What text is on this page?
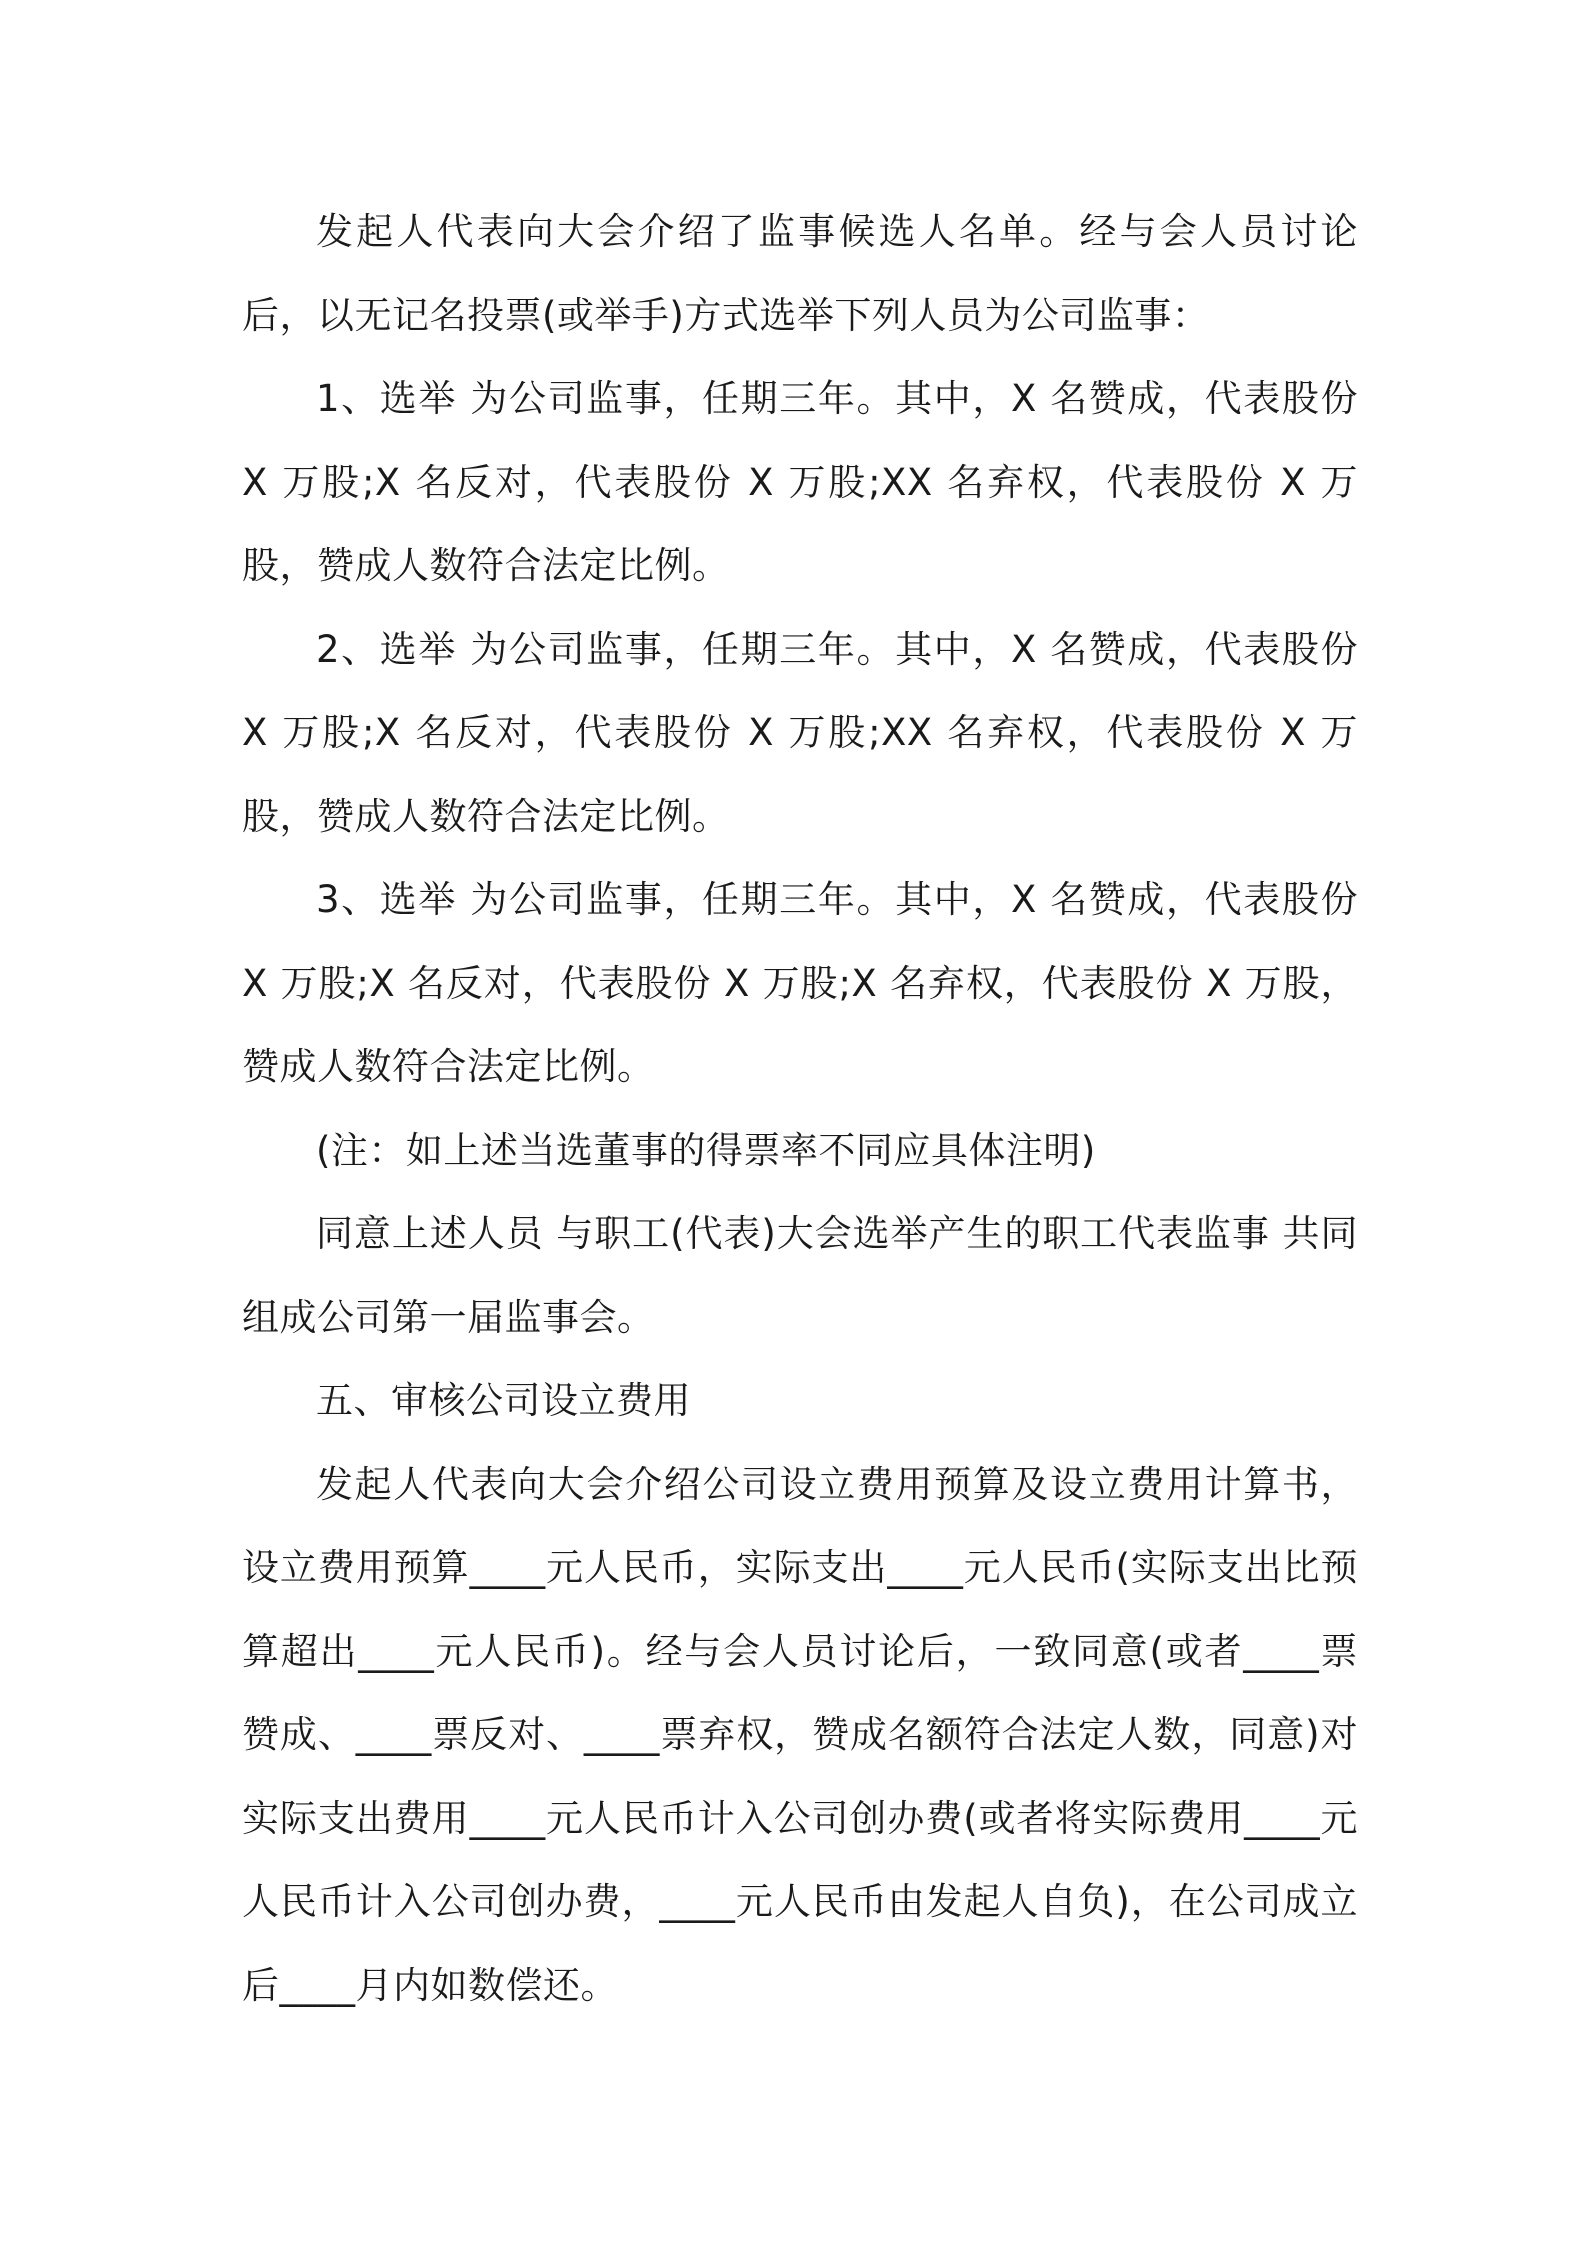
发起人代表向大会介绍了监事候选人名单。经与会人员讨论后，以无记名投票(或举手)方式选举下列人员为公司监事：

1、选举 为公司监事，任期三年。其中，X 名赞成，代表股份 X 万股;X 名反对，代表股份 X 万股;XX 名弃权，代表股份 X 万股，赞成人数符合法定比例。

2、选举 为公司监事，任期三年。其中，X 名赞成，代表股份 X 万股;X 名反对，代表股份 X 万股;XX 名弃权，代表股份 X 万股，赞成人数符合法定比例。

3、选举 为公司监事，任期三年。其中，X 名赞成，代表股份 X 万股;X 名反对，代表股份 X 万股;X 名弃权，代表股份 X 万股，赞成人数符合法定比例。

(注：如上述当选董事的得票率不同应具体注明)

同意上述人员 与职工(代表)大会选举产生的职工代表监事 共同组成公司第一届监事会。

五、审核公司设立费用

发起人代表向大会介绍公司设立费用预算及设立费用计算书，设立费用预算____元人民币，实际支出____元人民币(实际支出比预算超出____元人民币)。经与会人员讨论后，一致同意(或者____票赞成、____票反对、____票弃权，赞成名额符合法定人数，同意)对实际支出费用____元人民币计入公司创办费(或者将实际费用____元人民币计入公司创办费，____元人民币由发起人自负)，在公司成立后____月内如数偿还。
